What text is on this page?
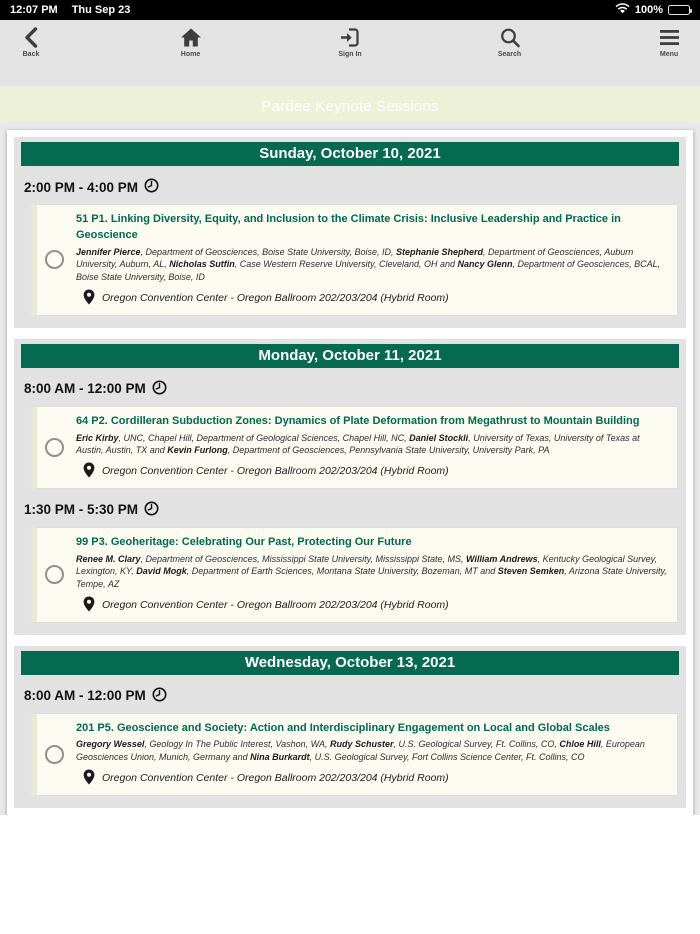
12:07 PM Thu Sep 23	100%
Back	Home	Sign In	Search	Menu
Pardee Keynote Sessions
Sunday, October 10, 2021
2:00 PM - 4:00 PM
51 P1. Linking Diversity, Equity, and Inclusion to the Climate Crisis: Inclusive Leadership and Practice in Geoscience
Jennifer Pierce, Department of Geosciences, Boise State University, Boise, ID, Stephanie Shepherd, Department of Geosciences, Auburn University, Auburn, AL, Nicholas Sutfin, Case Western Reserve University, Cleveland, OH and Nancy Glenn, Department of Geosciences, BCAL, Boise State University, Boise, ID
Oregon Convention Center - Oregon Ballroom 202/203/204 (Hybrid Room)
Monday, October 11, 2021
8:00 AM - 12:00 PM
64 P2. Cordilleran Subduction Zones: Dynamics of Plate Deformation from Megathrust to Mountain Building
Eric Kirby, UNC, Chapel Hill, Department of Geological Sciences, Chapel Hill, NC, Daniel Stockli, University of Texas, University of Texas at Austin, Austin, TX and Kevin Furlong, Department of Geosciences, Pennsylvania State University, University Park, PA
Oregon Convention Center - Oregon Ballroom 202/203/204 (Hybrid Room)
1:30 PM - 5:30 PM
99 P3. Geoheritage: Celebrating Our Past, Protecting Our Future
Renee M. Clary, Department of Geosciences, Mississippi State University, Mississippi State, MS, William Andrews, Kentucky Geological Survey, Lexington, KY, David Mogk, Department of Earth Sciences, Montana State University, Bozeman, MT and Steven Semken, Arizona State University, Tempe, AZ
Oregon Convention Center - Oregon Ballroom 202/203/204 (Hybrid Room)
Wednesday, October 13, 2021
8:00 AM - 12:00 PM
201 P5. Geoscience and Society: Action and Interdisciplinary Engagement on Local and Global Scales
Gregory Wessel, Geology In The Public Interest, Vashon, WA, Rudy Schuster, U.S. Geological Survey, Ft. Collins, CO, Chloe Hill, European Geosciences Union, Munich, Germany and Nina Burkardt, U.S. Geological Survey, Fort Collins Science Center, Ft. Collins, CO
Oregon Convention Center - Oregon Ballroom 202/203/204 (Hybrid Room)
